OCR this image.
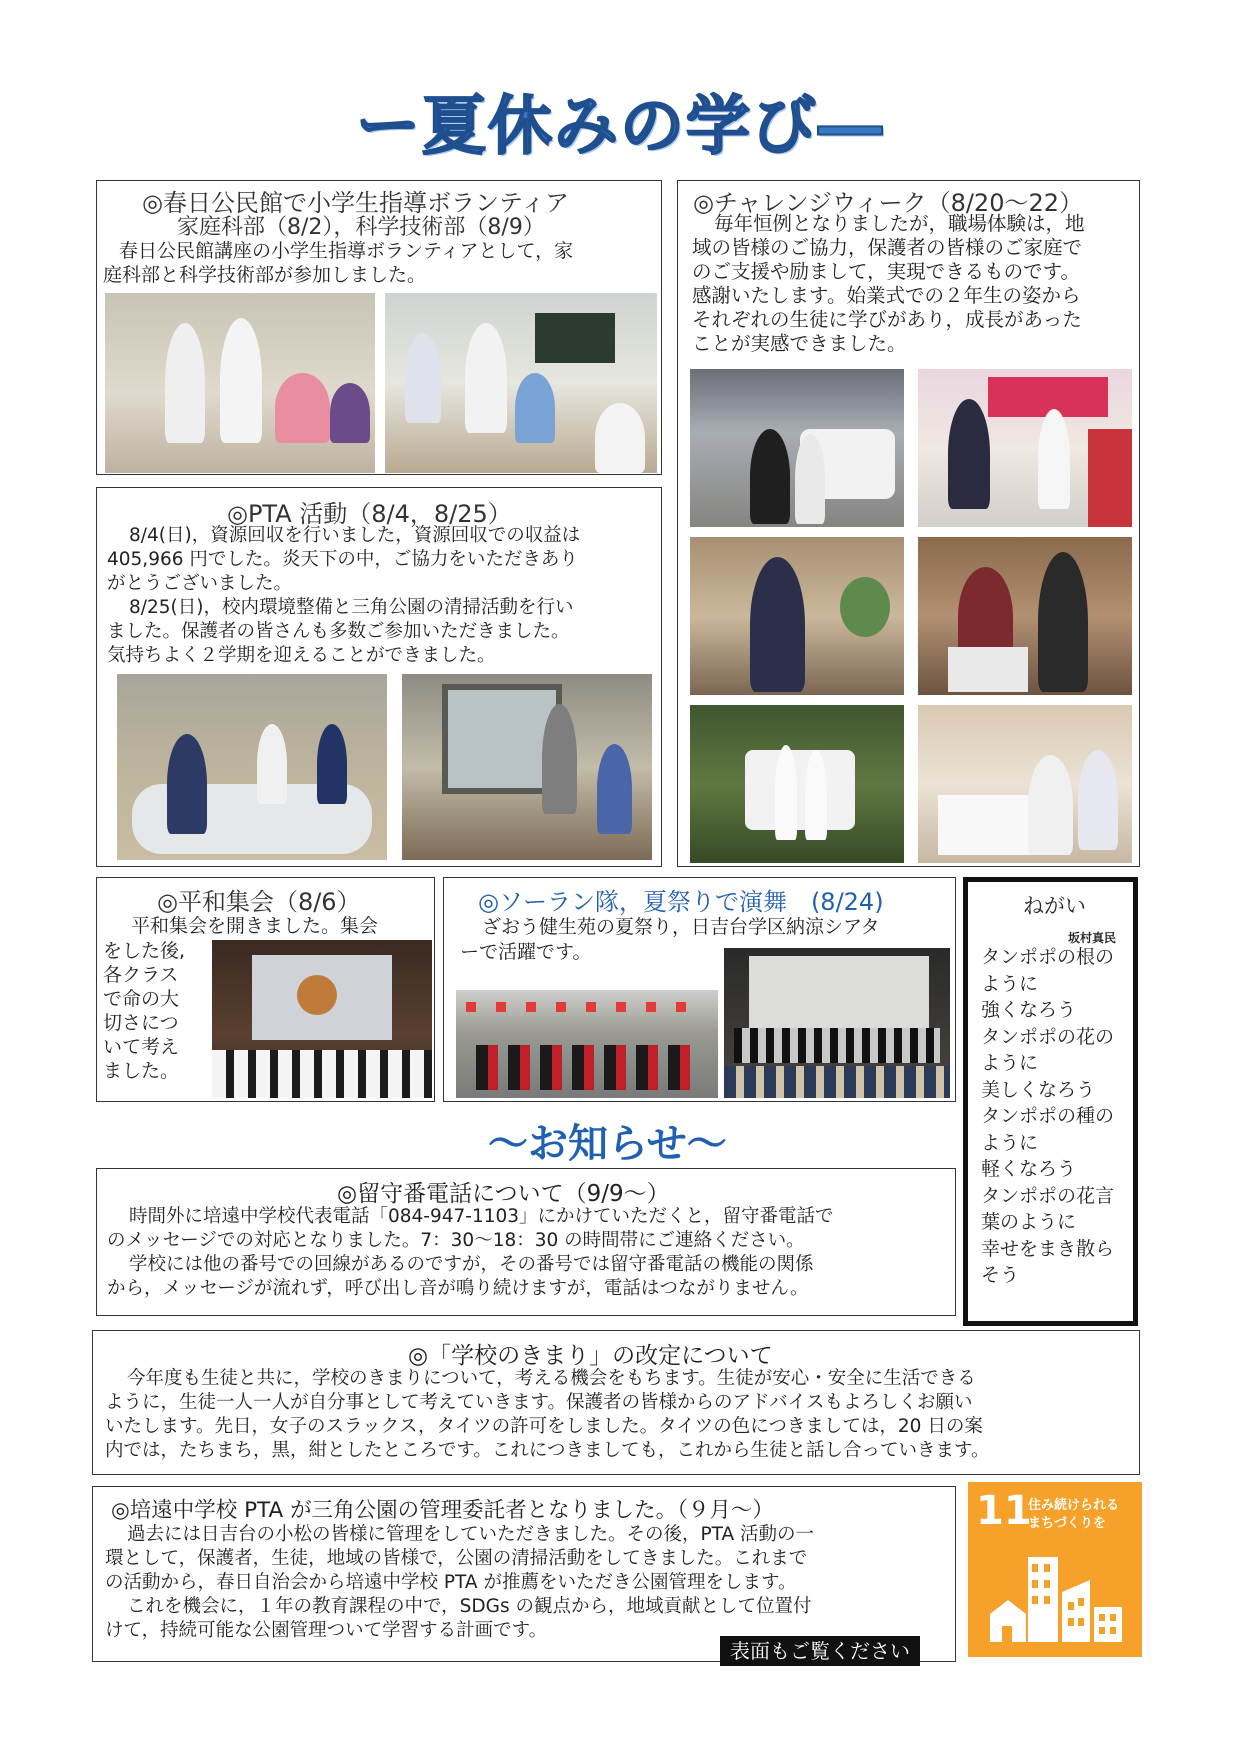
ー夏休みの学び―
◎春日公民館で小学生指導ボランティア
家庭科部（8/2），科学技術部（8/9）
春日公民館講座の小学生指導ボランティアとして，家
庭科部と科学技術部が参加しました。
◎チャレンジウィーク（8/20～22）
毎年恒例となりましたが，職場体験は，地
域の皆様のご協力，保護者の皆様のご家庭で
のご支援や励まして，実現できるものです。
感謝いたします。始業式での２年生の姿から
それぞれの生徒に学びがあり，成長があった
ことが実感できました。
◎PTA 活動（8/4，8/25）
8/4(日)，資源回収を行いました，資源回収での収益は
405,966 円でした。炎天下の中，ご協力をいただきあり
がとうございました。
8/25(日)，校内環境整備と三角公園の清掃活動を行い
ました。保護者の皆さんも多数ご参加いただきました。
気持ちよく２学期を迎えることができました。
◎平和集会（8/6）
平和集会を開きました。集会
をした後,
各クラス
で命の大
切さにつ
いて考え
ました。
◎ソーラン隊，夏祭りで演舞　(8/24)
ざおう健生苑の夏祭り，日吉台学区納涼シアタ
ーで活躍です。
ねがい
坂村真民
タンポポの根の
ように
強くなろう
タンポポの花の
ように
美しくなろう
タンポポの種の
ように
軽くなろう
タンポポの花言
葉のように
幸せをまき散ら
そう
～お知らせ～
◎留守番電話について（9/9～）
時間外に培遠中学校代表電話「084-947-1103」にかけていただくと，留守番電話で
のメッセージでの対応となりました。7：30～18：30 の時間帯にご連絡ください。
学校には他の番号での回線があるのですが，その番号では留守番電話の機能の関係
から，メッセージが流れず，呼び出し音が鳴り続けますが，電話はつながりません。
◎「学校のきまり」の改定について
今年度も生徒と共に，学校のきまりについて，考える機会をもちます。生徒が安心・安全に生活できる
ように，生徒一人一人が自分事として考えていきます。保護者の皆様からのアドバイスもよろしくお願い
いたします。先日，女子のスラックス，タイツの許可をしました。タイツの色につきましては，20 日の案
内では，たちまち，黒，紺としたところです。これにつきましても，これから生徒と話し合っていきます。
◎培遠中学校 PTA が三角公園の管理委託者となりました。（９月～）
過去には日吉台の小松の皆様に管理をしていただきました。その後，PTA 活動の一
環として，保護者，生徒，地域の皆様で，公園の清掃活動をしてきました。これまで
の活動から，春日自治会から培遠中学校 PTA が推薦をいただき公園管理をします。
これを機会に，１年の教育課程の中で，SDGs の観点から，地域貢献として位置付
けて，持続可能な公園管理ついて学習する計画です。
表面もご覧ください
11
住み続けられる
まちづくりを
